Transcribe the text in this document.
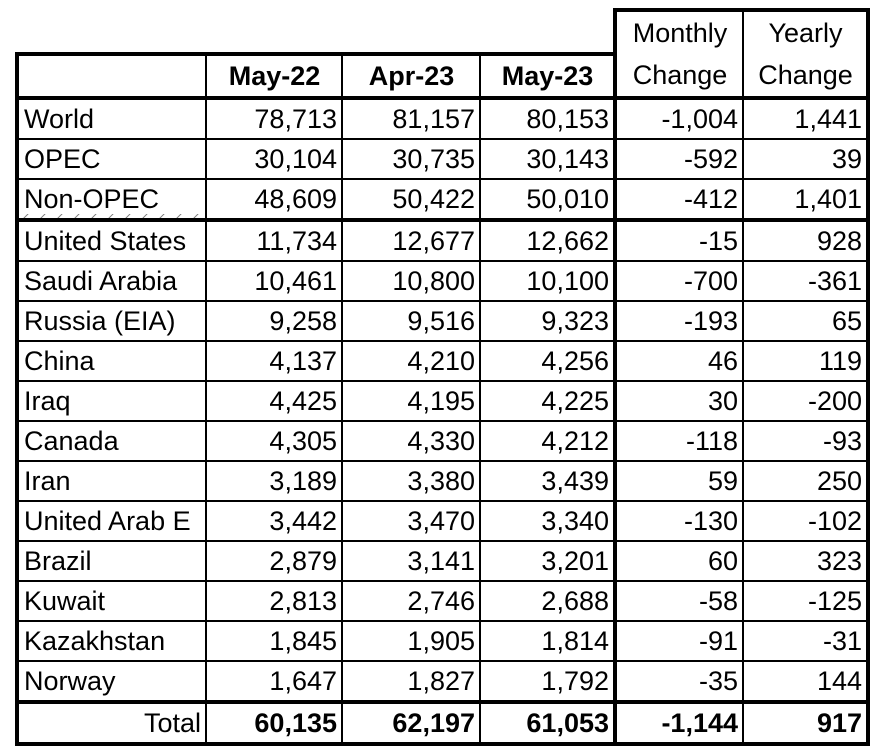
				Monthly	Yearly
	May-22	Apr-23	May-23	Change	Change
World	78,713	81,157	80,153	-1,004	1,441
OPEC	30,104	30,735	30,143	-592	39
Non-OPEC	48,609	50,422	50,010	-412	1,401
United States	11,734	12,677	12,662	-15	928
Saudi Arabia	10,461	10,800	10,100	-700	-361
Russia (EIA)	9,258	9,516	9,323	-193	65
China	4,137	4,210	4,256	46	119
Iraq	4,425	4,195	4,225	30	-200
Canada	4,305	4,330	4,212	-118	-93
Iran	3,189	3,380	3,439	59	250
United Arab E	3,442	3,470	3,340	-130	-102
Brazil	2,879	3,141	3,201	60	323
Kuwait	2,813	2,746	2,688	-58	-125
Kazakhstan	1,845	1,905	1,814	-91	-31
Norway	1,647	1,827	1,792	-35	144
Total	60,135	62,197	61,053	-1,144	917
